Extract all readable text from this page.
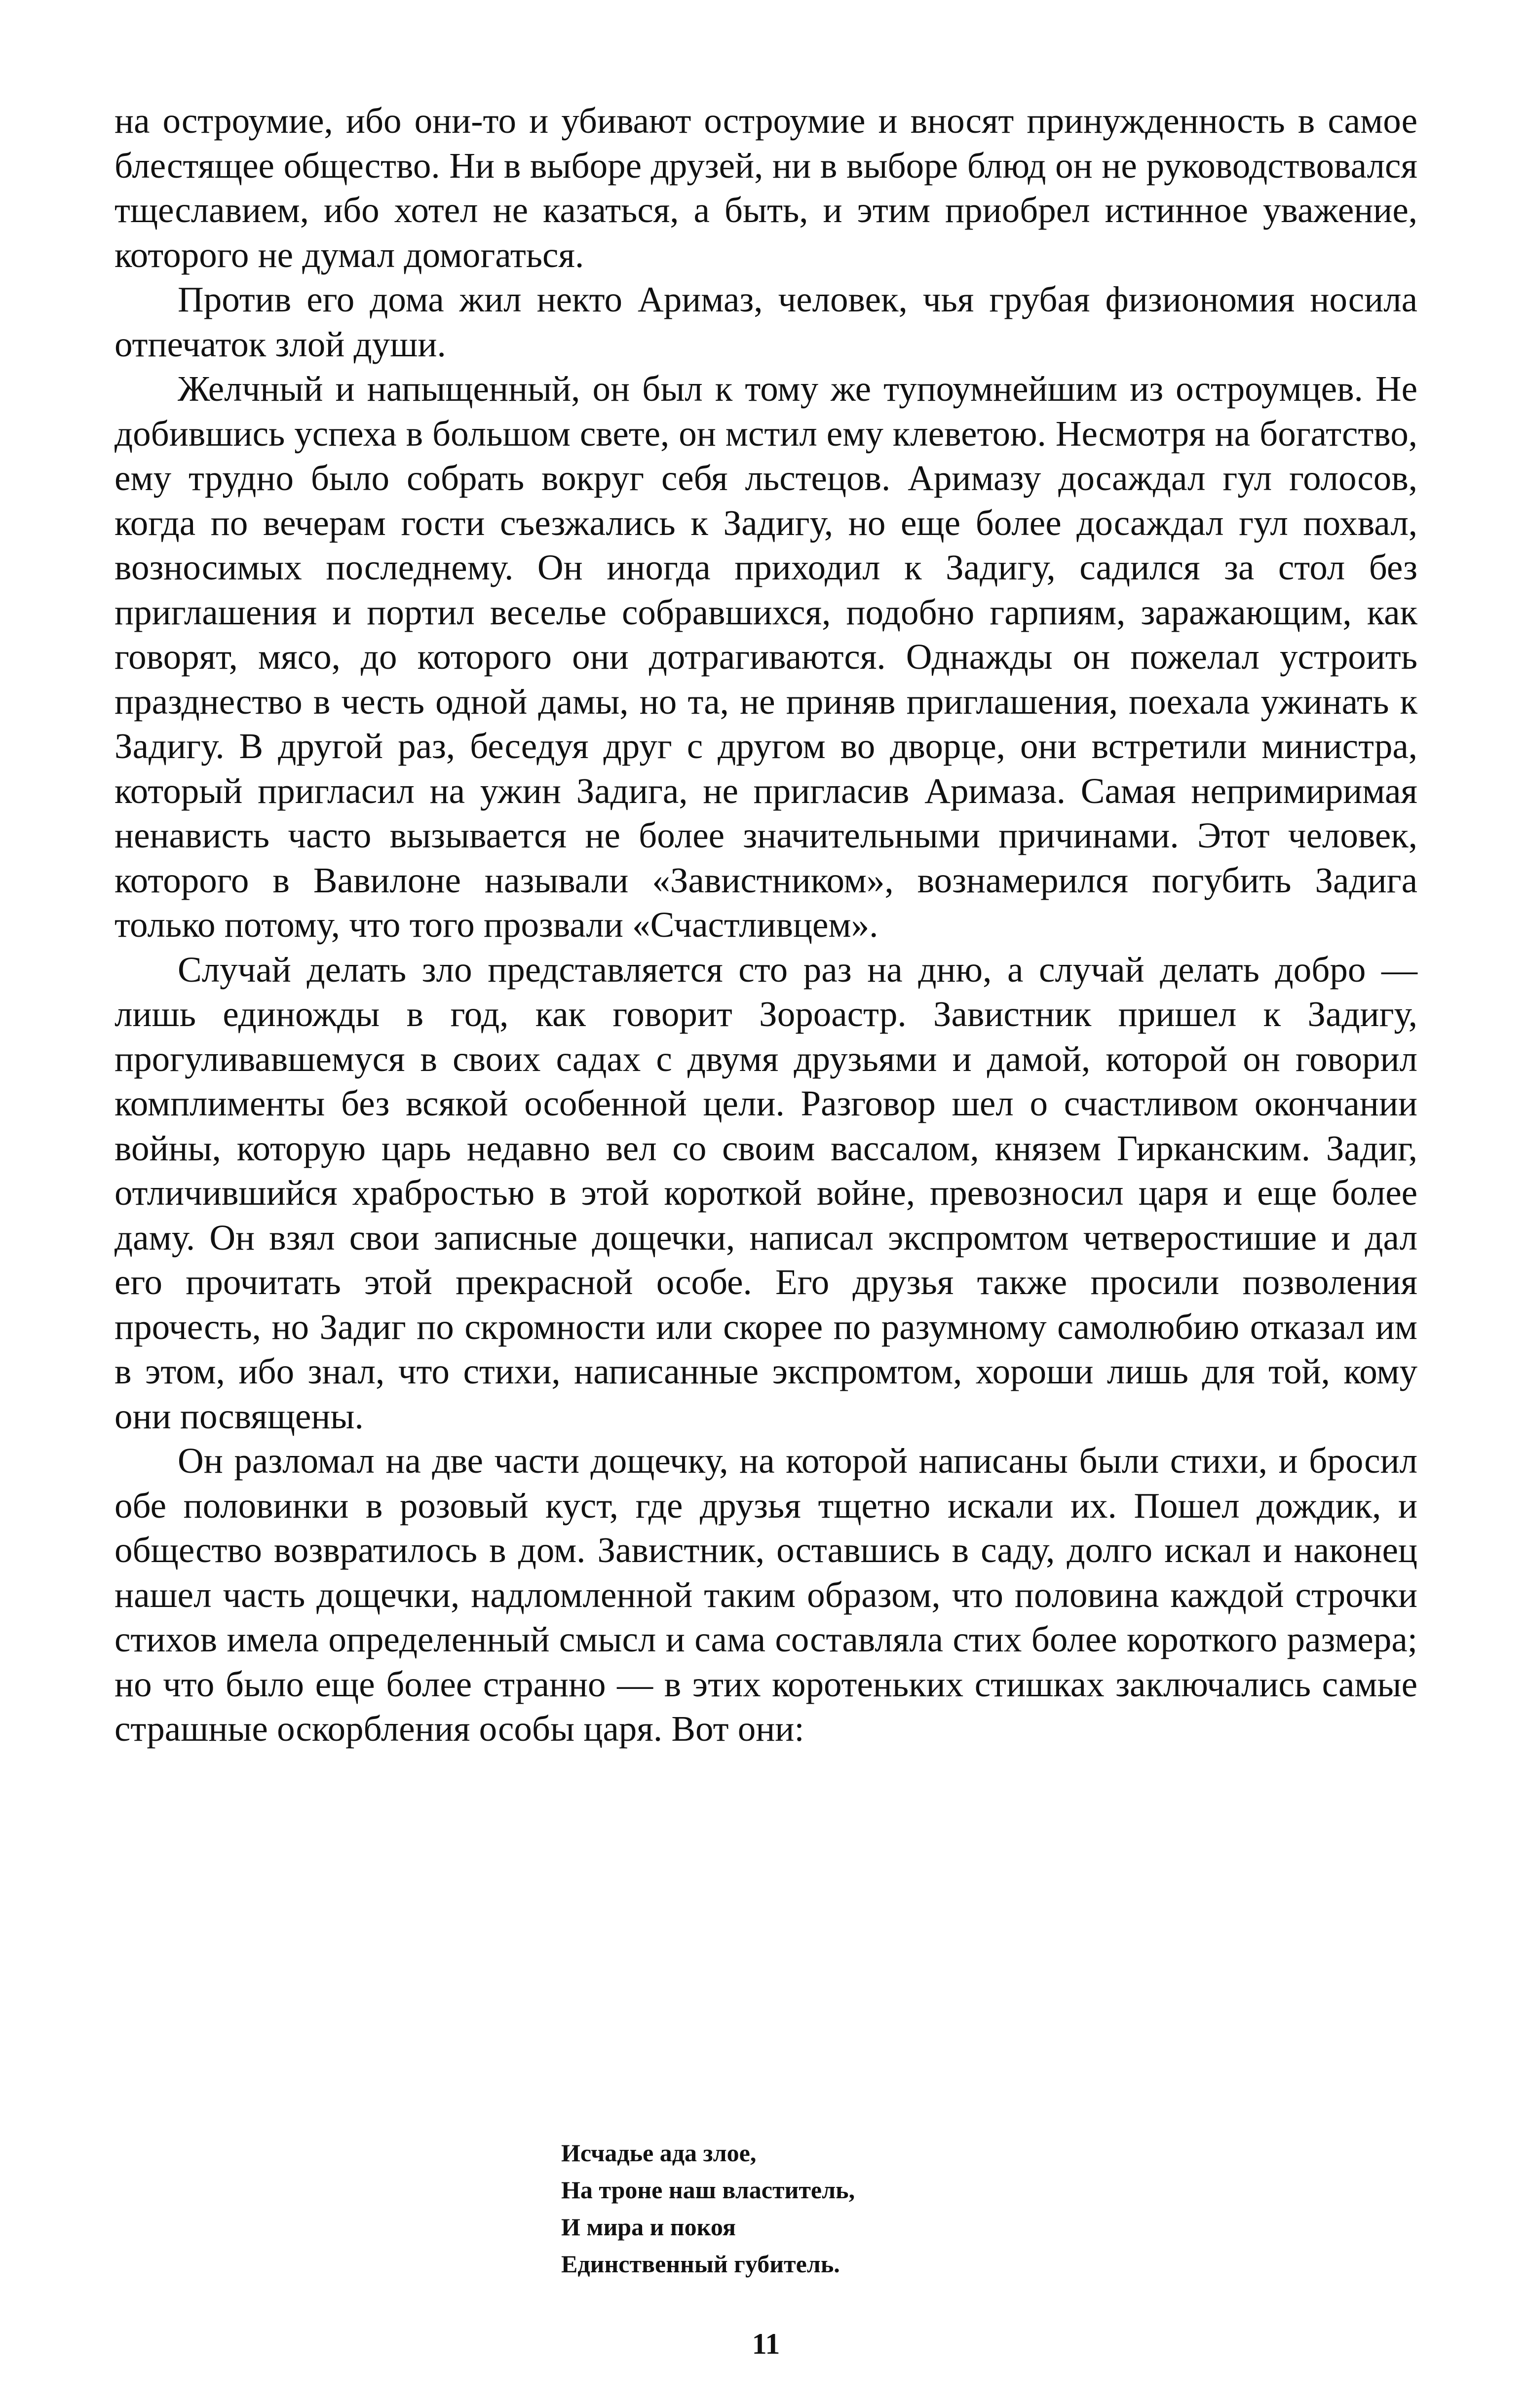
на остроумие, ибо они-то и убивают остроумие и вносят принужденность в самое блестящее общество. Ни в выборе друзей, ни в выборе блюд он не руководствовался тщеславием, ибо хотел не казаться, а быть, и этим приобрел истинное уважение, которого не думал домогаться.

Против его дома жил некто Аримаз, человек, чья грубая физиономия носила отпечаток злой души.

Желчный и напыщенный, он был к тому же тупоумнейшим из остроумцев. Не добившись успеха в большом свете, он мстил ему клеветою. Несмотря на богатство, ему трудно было собрать вокруг себя льстецов. Аримазу досаждал гул голосов, когда по вечерам гости съезжались к Задигу, но еще более досаждал гул похвал, возносимых последнему. Он иногда приходил к Задигу, садился за стол без приглашения и портил веселье собравшихся, подобно гарпиям, заражающим, как говорят, мясо, до которого они дотрагиваются. Однажды он пожелал устроить празднество в честь одной дамы, но та, не приняв приглашения, поехала ужинать к Задигу. В другой раз, беседуя друг с другом во дворце, они встретили министра, который пригласил на ужин Задига, не пригласив Аримаза. Самая непримиримая ненависть часто вызывается не более значительными причинами. Этот человек, которого в Вавилоне называли «Завистником», вознамерился погубить Задига только потому, что того прозвали «Счастливцем».

Случай делать зло представляется сто раз на дню, а случай делать добро — лишь единожды в год, как говорит Зороастр. Завистник пришел к Задигу, прогуливавшемуся в своих садах с двумя друзьями и дамой, которой он говорил комплименты без всякой особенной цели. Разговор шел о счастливом окончании войны, которую царь недавно вел со своим вассалом, князем Гирканским. Задиг, отличившийся храбростью в этой короткой войне, превозносил царя и еще более даму. Он взял свои записные дощечки, написал экспромтом четверостишие и дал его прочитать этой прекрасной особе. Его друзья также просили позволения прочесть, но Задиг по скромности или скорее по разумному самолюбию отказал им в этом, ибо знал, что стихи, написанные экспромтом, хороши лишь для той, кому они посвящены.

Он разломал на две части дощечку, на которой написаны были стихи, и бросил обе половинки в розовый куст, где друзья тщетно искали их. Пошел дождик, и общество возвратилось в дом. Завистник, оставшись в саду, долго искал и наконец нашел часть дощечки, надломленной таким образом, что половина каждой строчки стихов имела определенный смысл и сама составляла стих более короткого размера; но что было еще более странно — в этих коротеньких стишках заключались самые страшные оскорбления особы царя. Вот они:

Исчадье ада злое,
На троне наш властитель,
И мира и покоя
Единственный губитель.
11
